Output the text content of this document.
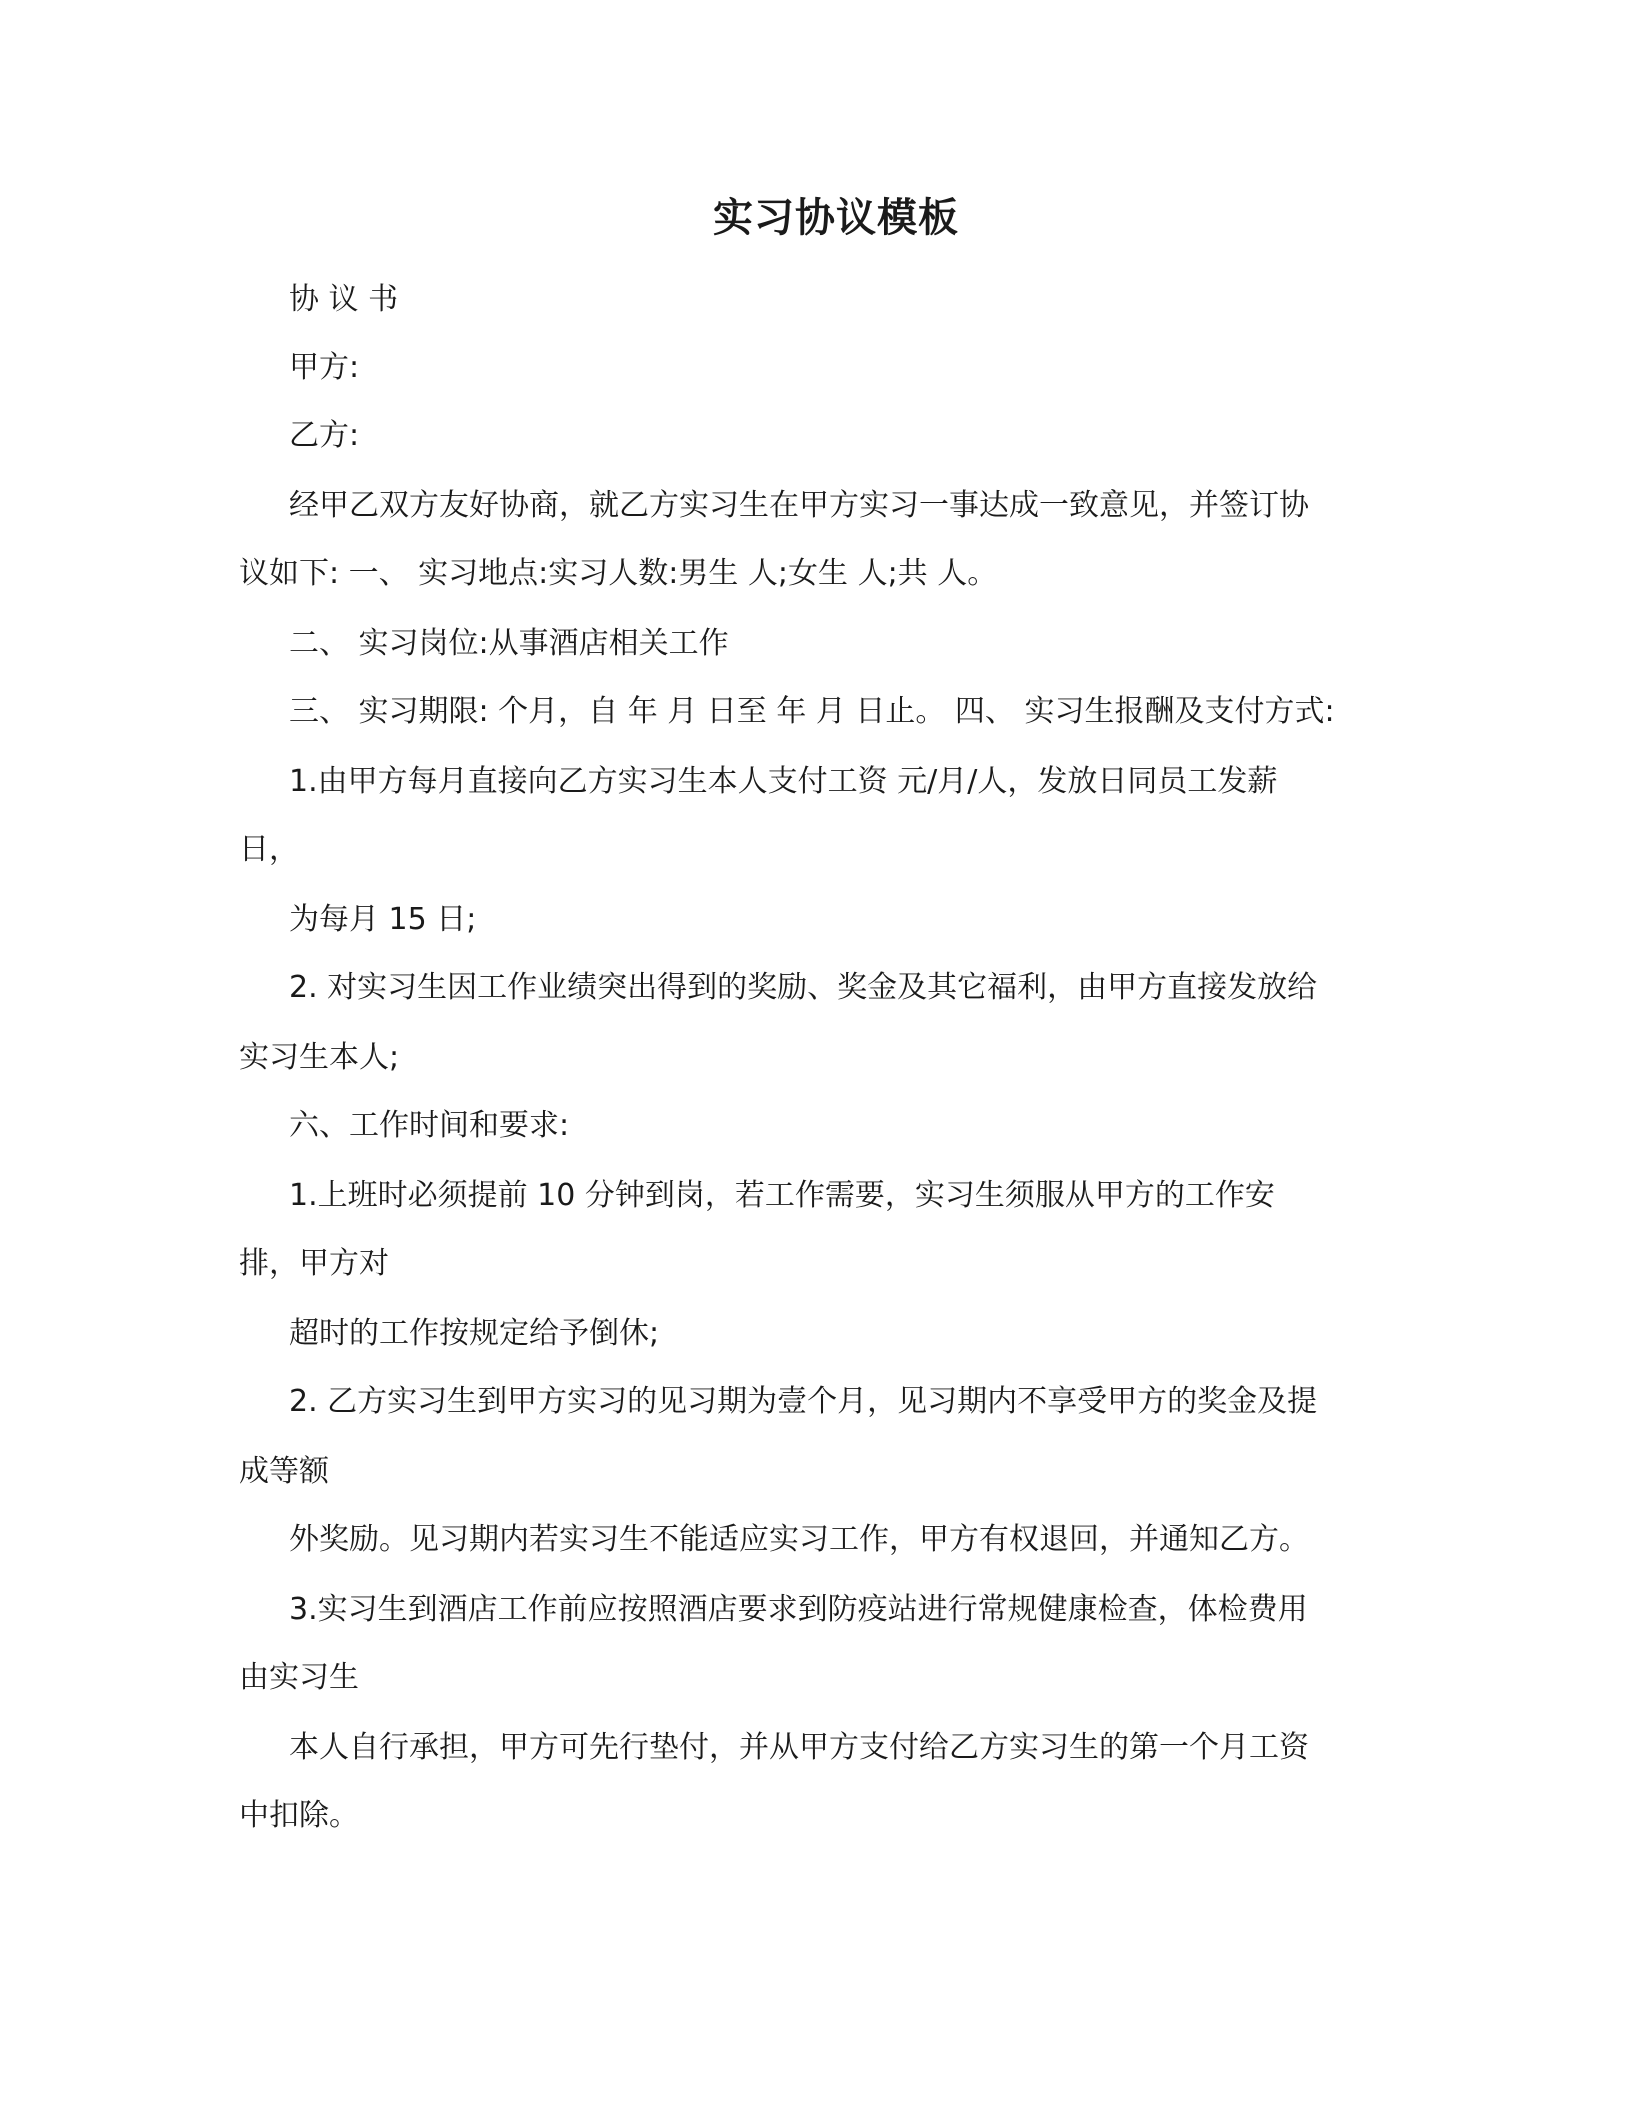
实习协议模板
协 议 书
甲方:
乙方:
经甲乙双方友好协商，就乙方实习生在甲方实习一事达成一致意见，并签订协
议如下: 一、 实习地点:实习人数:男生 人;女生 人;共 人。
二、 实习岗位:从事酒店相关工作
三、 实习期限: 个月，自 年 月 日至 年 月 日止。 四、 实习生报酬及支付方式:
1.由甲方每月直接向乙方实习生本人支付工资 元/月/人，发放日同员工发薪
日，
为每月 15 日;
2. 对实习生因工作业绩突出得到的奖励、奖金及其它福利，由甲方直接发放给
实习生本人;
六、工作时间和要求:
1.上班时必须提前 10 分钟到岗，若工作需要，实习生须服从甲方的工作安
排，甲方对
超时的工作按规定给予倒休;
2. 乙方实习生到甲方实习的见习期为壹个月，见习期内不享受甲方的奖金及提
成等额
外奖励。见习期内若实习生不能适应实习工作，甲方有权退回，并通知乙方。
3.实习生到酒店工作前应按照酒店要求到防疫站进行常规健康检查，体检费用
由实习生
本人自行承担，甲方可先行垫付，并从甲方支付给乙方实习生的第一个月工资
中扣除。
